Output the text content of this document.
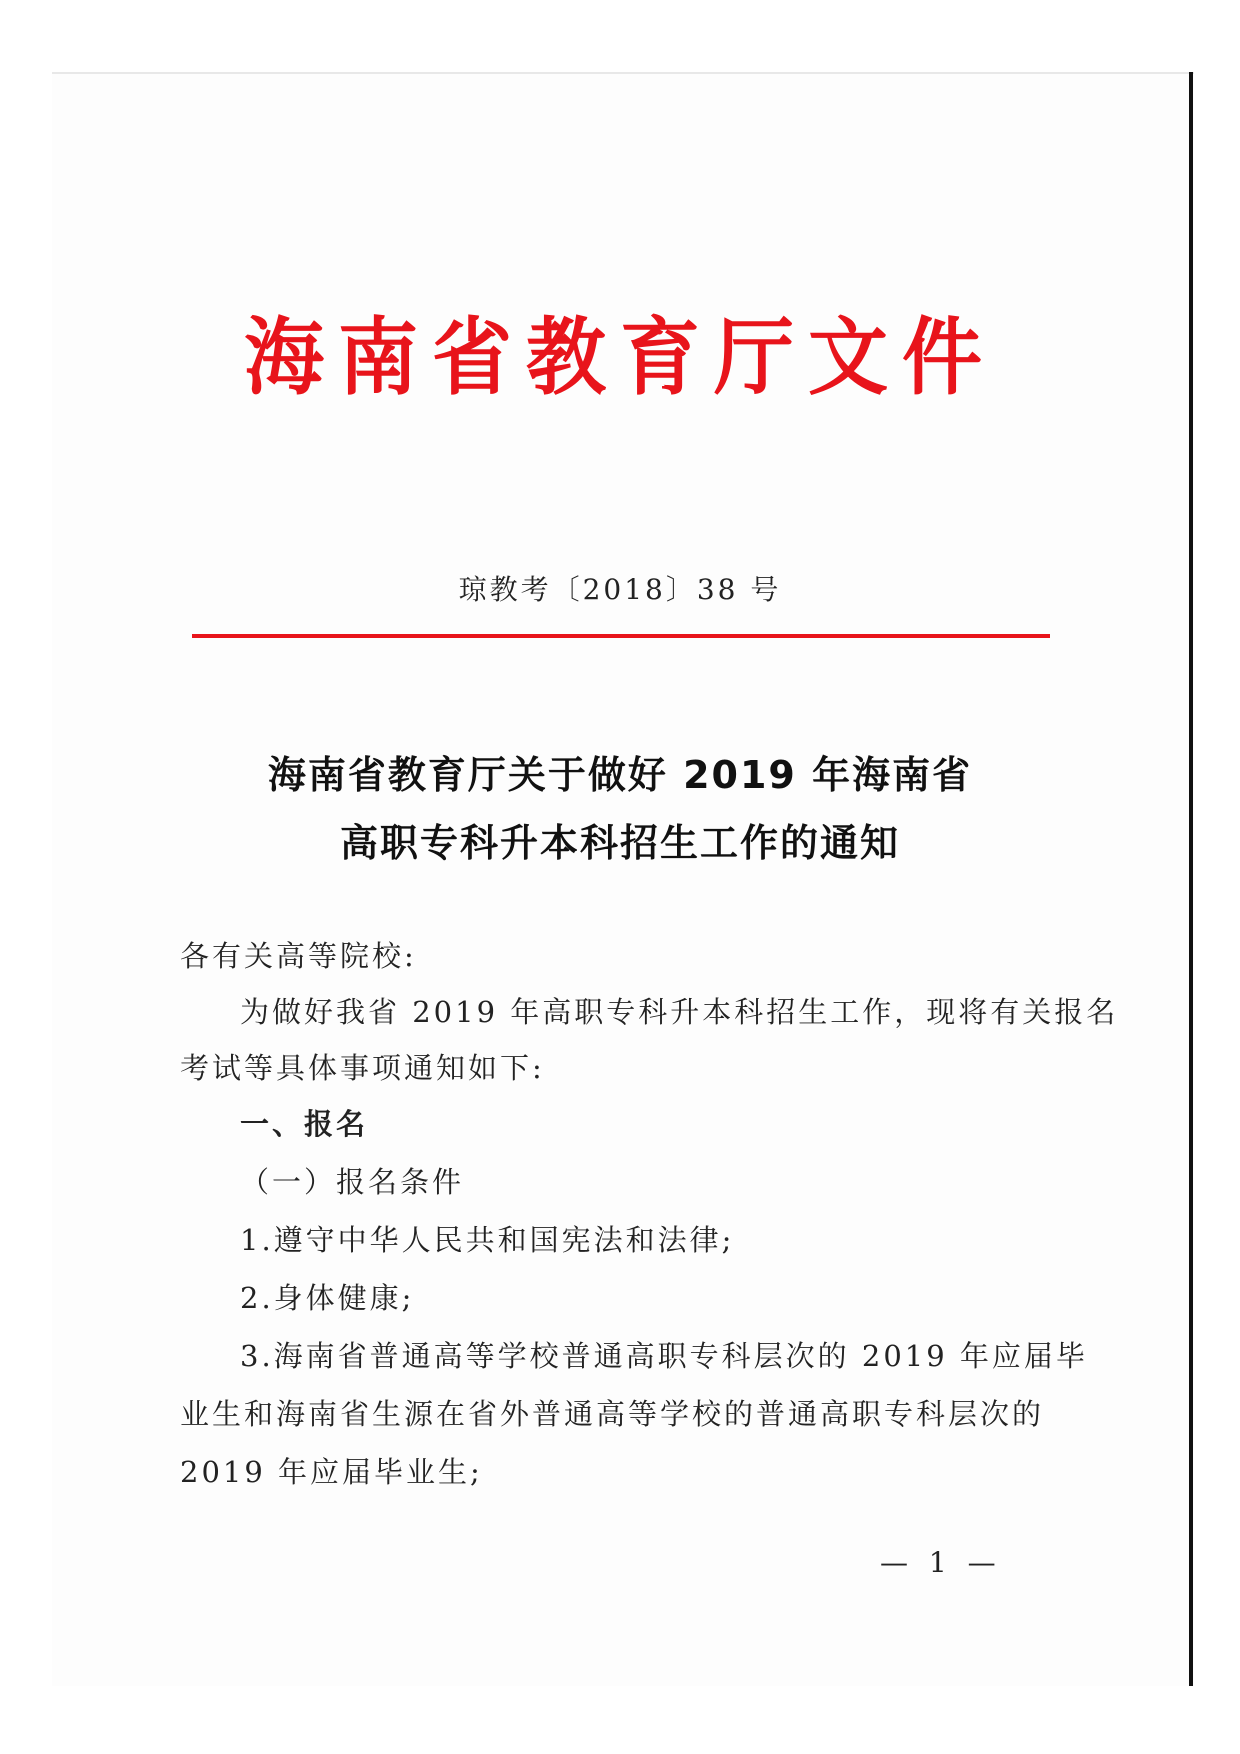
海南省教育厅文件
琼教考〔2018〕38 号
海南省教育厅关于做好 2019 年海南省
高职专科升本科招生工作的通知
各有关高等院校:
为做好我省 2019 年高职专科升本科招生工作，现将有关报名
考试等具体事项通知如下:
一、报名
（一）报名条件
1.遵守中华人民共和国宪法和法律;
2.身体健康;
3.海南省普通高等学校普通高职专科层次的 2019 年应届毕
业生和海南省生源在省外普通高等学校的普通高职专科层次的
2019 年应届毕业生;
— 1 —
